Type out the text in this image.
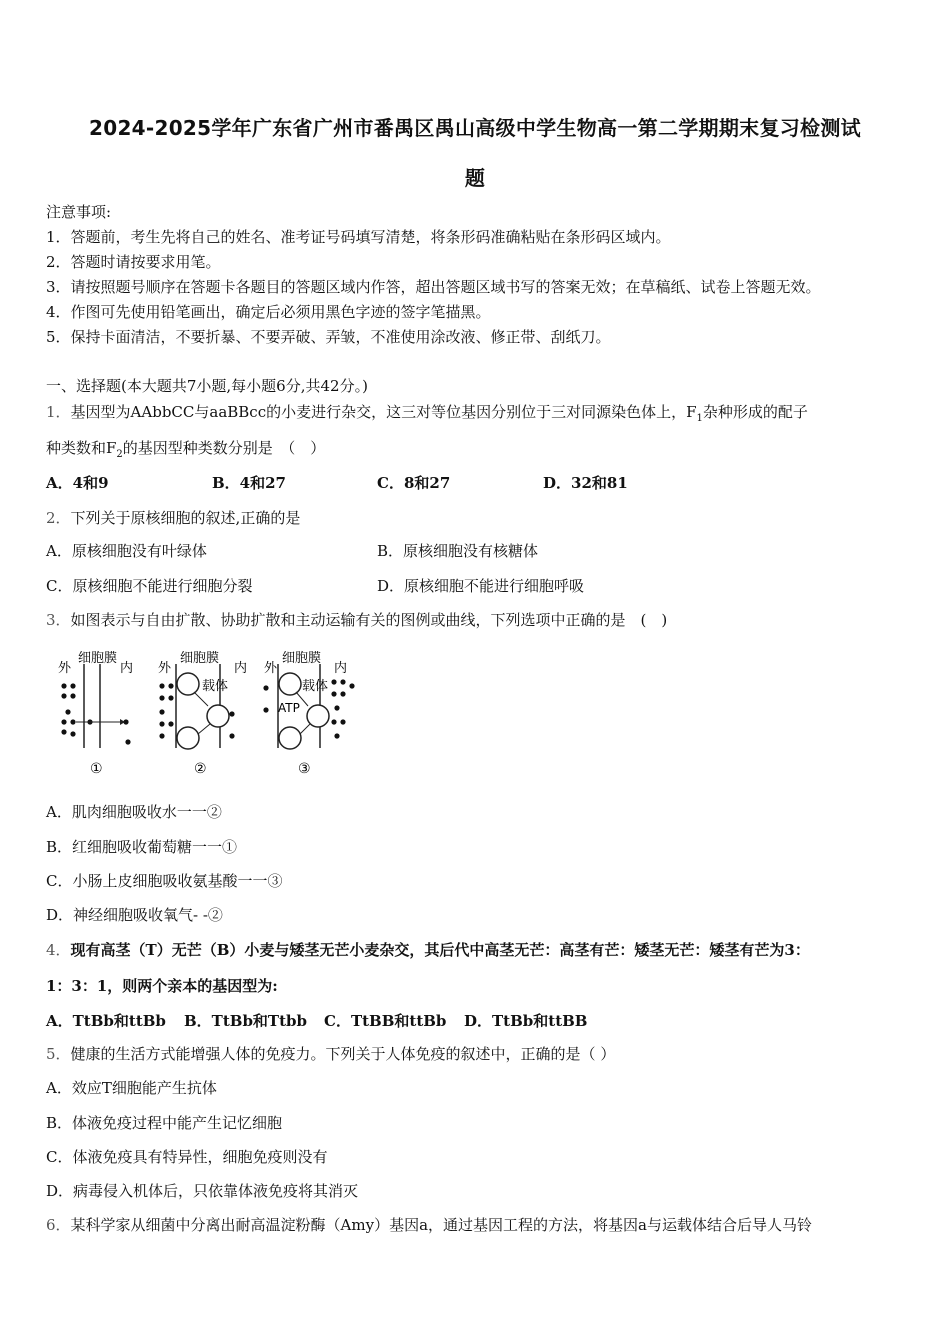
2024-2025学年广东省广州市番禺区禺山高级中学生物高一第二学期期末复习检测试
题
注意事项:
1．答题前，考生先将自己的姓名、准考证号码填写清楚，将条形码准确粘贴在条形码区域内。
2．答题时请按要求用笔。
3．请按照题号顺序在答题卡各题目的答题区域内作答，超出答题区域书写的答案无效；在草稿纸、试卷上答题无效。
4．作图可先使用铅笔画出，确定后必须用黑色字迹的签字笔描黑。
5．保持卡面清洁，不要折暴、不要弄破、弄皱，不准使用涂改液、修正带、刮纸刀。
一、选择题(本大题共7小题,每小题6分,共42分。)
1．基因型为AAbbCC与aaBBcc的小麦进行杂交，这三对等位基因分别位于三对同源染色体上，$F_1$杂种形成的配子
种类数和$F_2$的基因型种类数分别是　（　）
A．4和9	B．4和27	C．8和27	D．32和81
2．下列关于原核细胞的叙述,正确的是
A．原核细胞没有叶绿体	B．原核细胞没有核糖体
C．原核细胞不能进行细胞分裂	D．原核细胞不能进行细胞呼吸
3．如图表示与自由扩散、协助扩散和主动运输有关的图例或曲线，下列选项中正确的是　(　)
细胞膜
外	内
①
细胞膜
外	内
载体
②
细胞膜
外	内
载体
ATP
③
A．肌肉细胞吸收水一一②
B．红细胞吸收葡萄糖一一①
C．小肠上皮细胞吸收氨基酸一一③
D．神经细胞吸收氧气- -②
4．现有高茎（T）无芒（B）小麦与矮茎无芒小麦杂交，其后代中高茎无芒：高茎有芒：矮茎无芒：矮茎有芒为3：
1：3：1，则两个亲本的基因型为:
A．TtBb和ttBb B．TtBb和Ttbb C．TtBB和ttBb D．TtBb和ttBB
5．健康的生活方式能增强人体的免疫力。下列关于人体免疫的叙述中，正确的是（ ）
A．效应T细胞能产生抗体
B．体液免疫过程中能产生记忆细胞
C．体液免疫具有特异性，细胞免疫则没有
D．病毒侵入机体后，只依靠体液免疫将其消灭
6．某科学家从细菌中分离出耐高温淀粉酶（Amy）基因a，通过基因工程的方法，将基因a与运载体结合后导人马铃
